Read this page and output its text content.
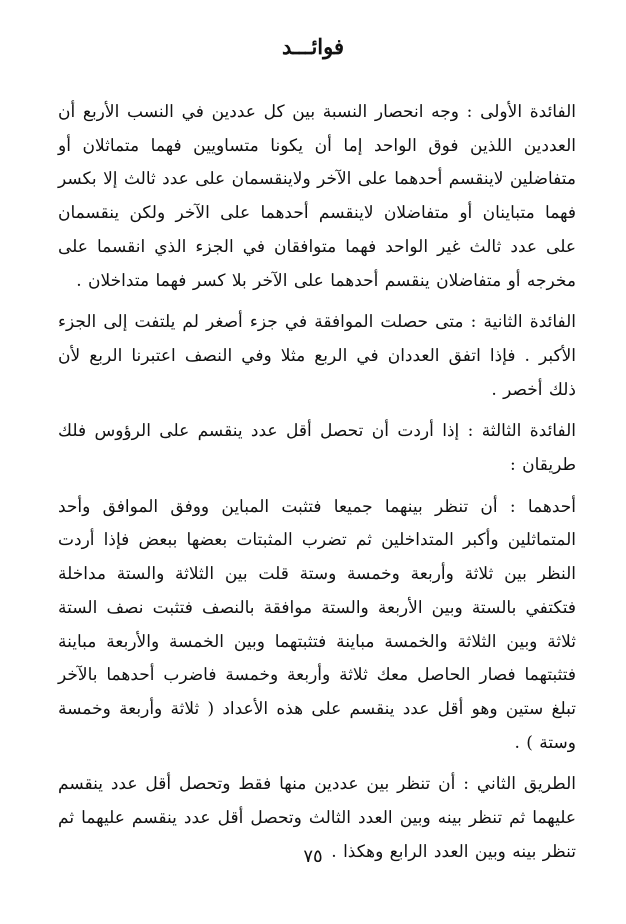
فوائـــد

الفائدة الأولى : وجه انحصار النسبة بين كل عددين في النسب الأربع أن العددين اللذين فوق الواحد إما أن يكونا متساويين فهما متماثلان أو متفاضلين لاينقسم أحدهما على الآخر ولاينقسمان على عدد ثالث إلا بكسر فهما متباينان أو متفاضلان لاينقسم أحدهما على الآخر ولكن ينقسمان على عدد ثالث غير الواحد فهما متوافقان في الجزء الذي انقسما على مخرجه أو متفاضلان ينقسم أحدهما على الآخر بلا كسر فهما متداخلان .

الفائدة الثانية : متى حصلت الموافقة في جزء أصغر لم يلتفت إلى الجزء الأكبر . فإذا اتفق العددان في الربع مثلا وفي النصف اعتبرنا الربع لأن ذلك أخصر .

الفائدة الثالثة : إذا أردت أن تحصل أقل عدد ينقسم على الرؤوس فلك طريقان :

أحدهما : أن تنظر بينهما جميعا فتثبت المباين ووفق الموافق وأحد المتماثلين وأكبر المتداخلين ثم تضرب المثبتات بعضها ببعض فإذا أردت النظر بين ثلاثة وأربعة وخمسة وستة قلت بين الثلاثة والستة مداخلة فتكتفي بالستة وبين الأربعة والستة موافقة بالنصف فتثبت نصف الستة ثلاثة وبين الثلاثة والخمسة مباينة فتثبتهما وبين الخمسة والأربعة مباينة فتثبتهما فصار الحاصل معك ثلاثة وأربعة وخمسة فاضرب أحدهما بالآخر تبلغ ستين وهو أقل عدد ينقسم على هذه الأعداد ( ثلاثة وأربعة وخمسة وستة ) .

الطريق الثاني : أن تنظر بين عددين منها فقط وتحصل أقل عدد ينقسم عليهما ثم تنظر بينه وبين العدد الثالث وتحصل أقل عدد ينقسم عليهما ثم تنظر بينه وبين العدد الرابع وهكذا .

٧٥
